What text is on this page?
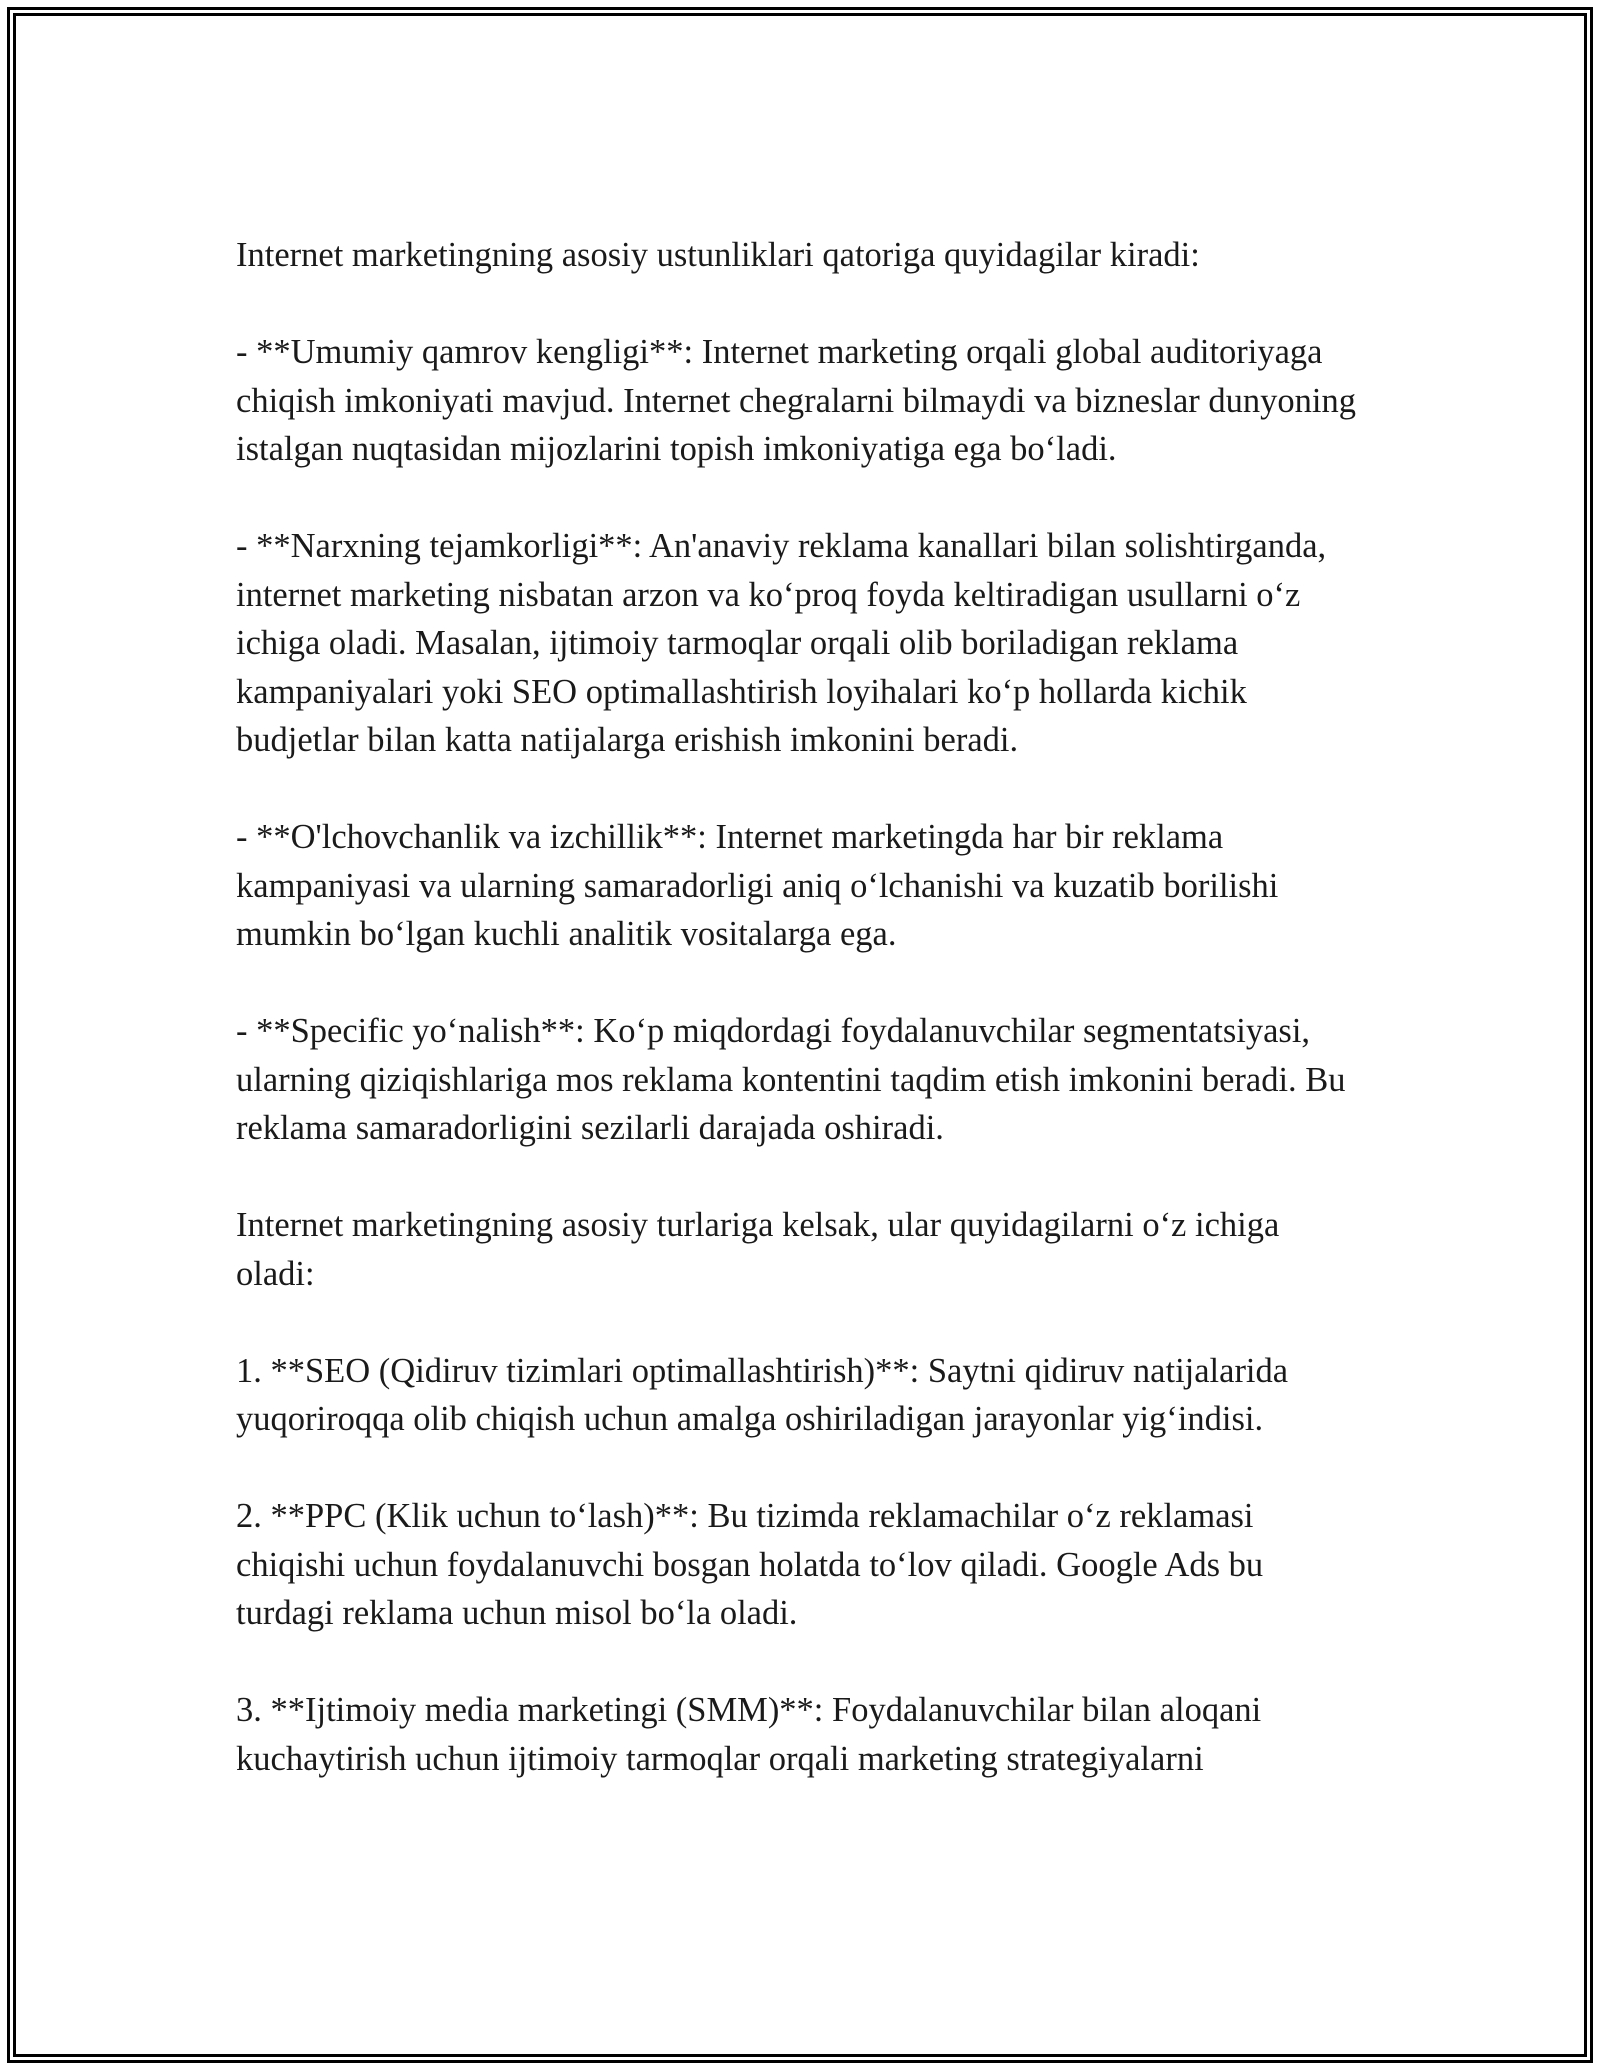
Internet marketingning asosiy ustunliklari qatoriga quyidagilar kiradi:

- **Umumiy qamrov kengligi**: Internet marketing orqali global auditoriyaga chiqish imkoniyati mavjud. Internet chegralarni bilmaydi va bizneslar dunyoning istalgan nuqtasidan mijozlarini topish imkoniyatiga ega bo‘ladi.

- **Narxning tejamkorligi**: An'anaviy reklama kanallari bilan solishtirganda, internet marketing nisbatan arzon va ko‘proq foyda keltiradigan usullarni o‘z ichiga oladi. Masalan, ijtimoiy tarmoqlar orqali olib boriladigan reklama kampaniyalari yoki SEO optimallashtirish loyihalari ko‘p hollarda kichik budjetlar bilan katta natijalarga erishish imkonini beradi.

- **O'lchovchanlik va izchillik**: Internet marketingda har bir reklama kampaniyasi va ularning samaradorligi aniq o‘lchanishi va kuzatib borilishi mumkin bo‘lgan kuchli analitik vositalarga ega.

- **Specific yo‘nalish**: Ko‘p miqdordagi foydalanuvchilar segmentatsiyasi, ularning qiziqishlariga mos reklama kontentini taqdim etish imkonini beradi. Bu reklama samaradorligini sezilarli darajada oshiradi.

Internet marketingning asosiy turlariga kelsak, ular quyidagilarni o‘z ichiga oladi:

1. **SEO (Qidiruv tizimlari optimallashtirish)**: Saytni qidiruv natijalarida yuqoriroqqa olib chiqish uchun amalga oshiriladigan jarayonlar yig‘indisi.

2. **PPC (Klik uchun to‘lash)**: Bu tizimda reklamachilar o‘z reklamasi chiqishi uchun foydalanuvchi bosgan holatda to‘lov qiladi. Google Ads bu turdagi reklama uchun misol bo‘la oladi.

3. **Ijtimoiy media marketingi (SMM)**: Foydalanuvchilar bilan aloqani kuchaytirish uchun ijtimoiy tarmoqlar orqali marketing strategiyalarni
